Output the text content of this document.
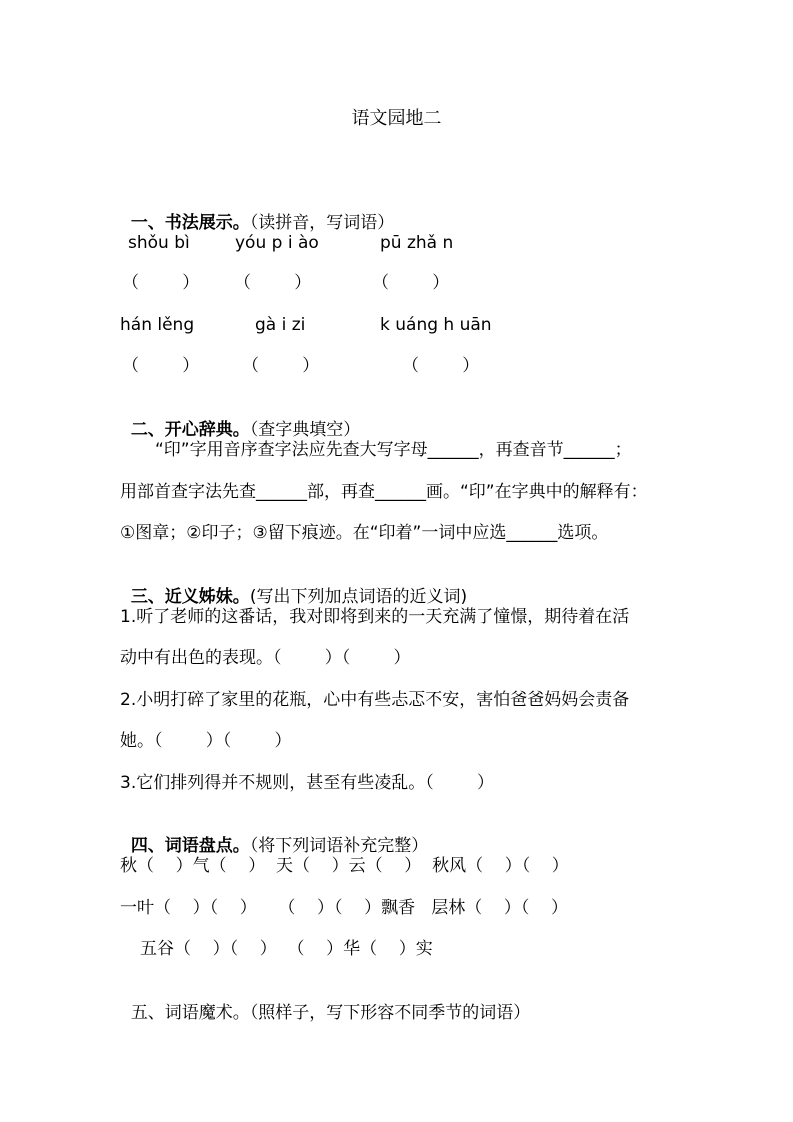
语文园地二

一、书法展示。（读拼音，写词语）

shǒu bì	yóu p i ào	pū zhǎ n
（        ） （        ）	（        ）
hán lěng	gà i zi	k uáng h uān
（        ）	（        ）	（        ）

二、开心辞典。（查字典填空）

“印”字用音序查字法应先查大写字母______，再查音节______；
用部首查字法先查______部，再查______画。“印”在字典中的解释有：
①图章；②印子；③留下痕迹。在“印着”一词中应选______选项。

三、近义姊妹。(写出下列加点词语的近义词)

1.听了老师的这番话，我对即将到来的一天充满了憧憬，期待着在活
动中有出色的表现。（        ）（        ）
2.小明打碎了家里的花瓶，心中有些忐忑不安，害怕爸爸妈妈会责备
她。（        ）（        ）
3.它们排列得并不规则，甚至有些凌乱。（        ）

四、词语盘点。（将下列词语补充完整）

秋（    ）气（    ）  天（    ）云（    ）  秋风（    ）（    ）
一叶（    ）（    ）    （    ）（    ）飘香   层林（    ）（    ）
五谷（    ）（    ）  （    ）华（    ）实

五、词语魔术。（照样子，写下形容不同季节的词语）
